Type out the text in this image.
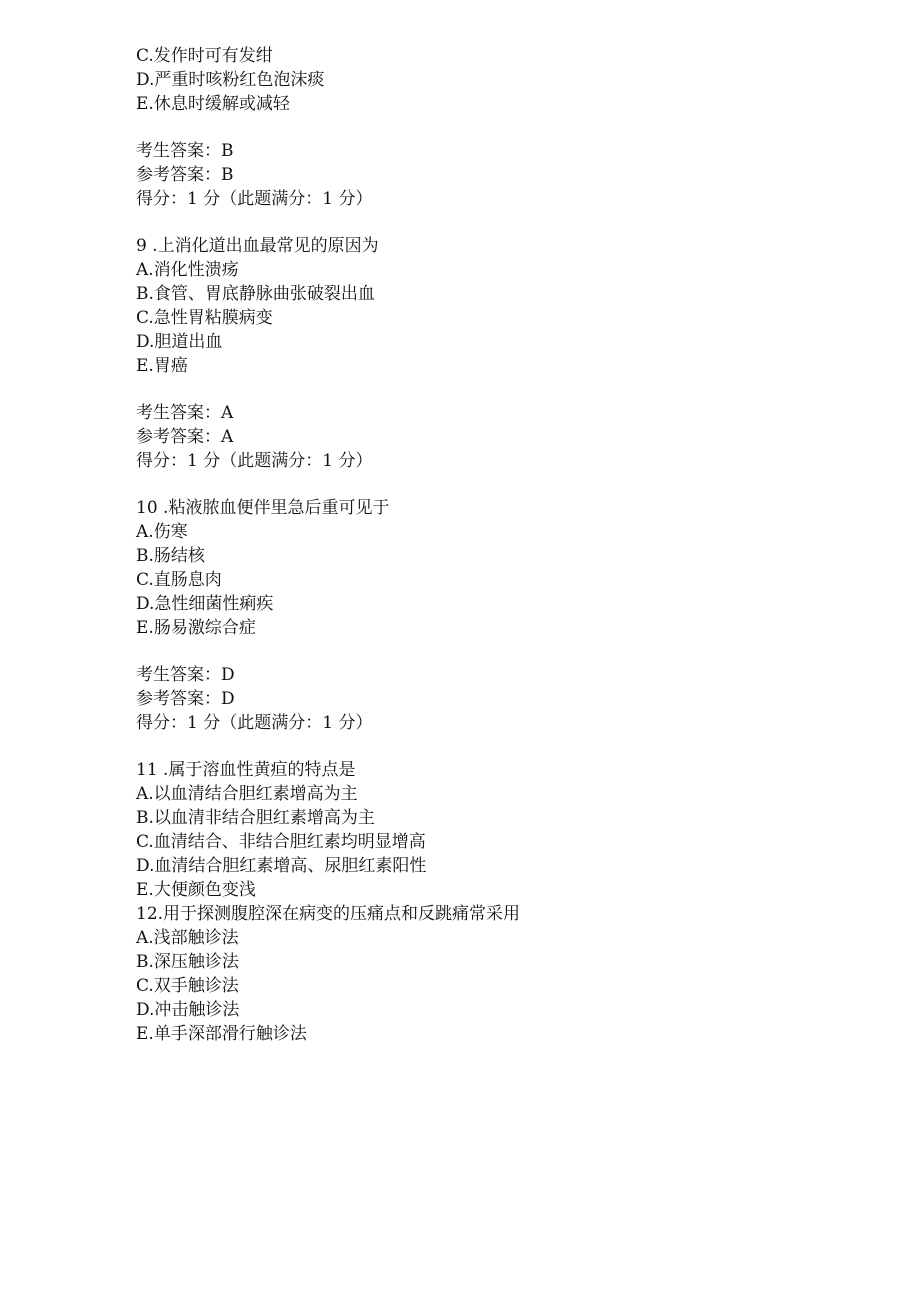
C.发作时可有发绀
D.严重时咳粉红色泡沫痰
E.休息时缓解或减轻
考生答案：B
参考答案：B
得分：1 分（此题满分：1 分）
9 .上消化道出血最常见的原因为
A.消化性溃疡
B.食管、胃底静脉曲张破裂出血
C.急性胃粘膜病变
D.胆道出血
E.胃癌
考生答案：A
参考答案：A
得分：1 分（此题满分：1 分）
10 .粘液脓血便伴里急后重可见于
A.伤寒
B.肠结核
C.直肠息肉
D.急性细菌性痢疾
E.肠易激综合症
考生答案：D
参考答案：D
得分：1 分（此题满分：1 分）
11 .属于溶血性黄疸的特点是
A.以血清结合胆红素增高为主
B.以血清非结合胆红素增高为主
C.血清结合、非结合胆红素均明显增高
D.血清结合胆红素增高、尿胆红素阳性
E.大便颜色变浅
12.用于探测腹腔深在病变的压痛点和反跳痛常采用
A.浅部触诊法
B.深压触诊法
C.双手触诊法
D.冲击触诊法
E.单手深部滑行触诊法
